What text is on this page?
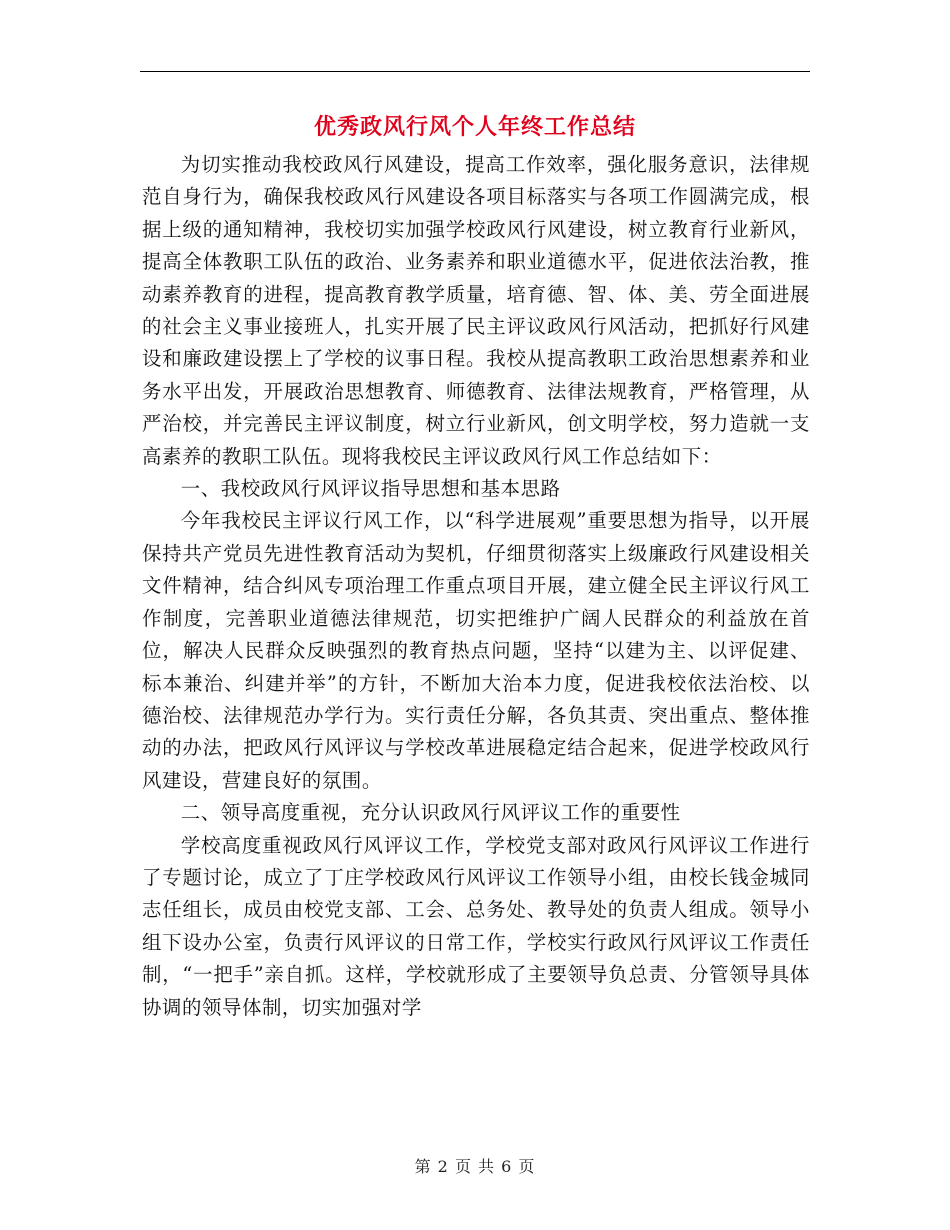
优秀政风行风个人年终工作总结

为切实推动我校政风行风建设，提高工作效率，强化服务意识，法律规范自身行为，确保我校政风行风建设各项目标落实与各项工作圆满完成，根据上级的通知精神，我校切实加强学校政风行风建设，树立教育行业新风，提高全体教职工队伍的政治、业务素养和职业道德水平，促进依法治教，推动素养教育的进程，提高教育教学质量，培育德、智、体、美、劳全面进展的社会主义事业接班人，扎实开展了民主评议政风行风活动，把抓好行风建设和廉政建设摆上了学校的议事日程。我校从提高教职工政治思想素养和业务水平出发，开展政治思想教育、师德教育、法律法规教育，严格管理，从严治校，并完善民主评议制度，树立行业新风，创文明学校，努力造就一支高素养的教职工队伍。现将我校民主评议政风行风工作总结如下：

一、我校政风行风评议指导思想和基本思路

今年我校民主评议行风工作，以“科学进展观”重要思想为指导，以开展保持共产党员先进性教育活动为契机，仔细贯彻落实上级廉政行风建设相关文件精神，结合纠风专项治理工作重点项目开展，建立健全民主评议行风工作制度，完善职业道德法律规范，切实把维护广阔人民群众的利益放在首位，解决人民群众反映强烈的教育热点问题，坚持“以建为主、以评促建、标本兼治、纠建并举”的方针，不断加大治本力度，促进我校依法治校、以德治校、法律规范办学行为。实行责任分解，各负其责、突出重点、整体推动的办法，把政风行风评议与学校改革进展稳定结合起来，促进学校政风行风建设，营建良好的氛围。

二、领导高度重视，充分认识政风行风评议工作的重要性

学校高度重视政风行风评议工作，学校党支部对政风行风评议工作进行了专题讨论，成立了丁庄学校政风行风评议工作领导小组，由校长钱金城同志任组长，成员由校党支部、工会、总务处、教导处的负责人组成。领导小组下设办公室，负责行风评议的日常工作，学校实行政风行风评议工作责任制，“一把手”亲自抓。这样，学校就形成了主要领导负总责、分管领导具体协调的领导体制，切实加强对学

第 2 页 共 6 页
